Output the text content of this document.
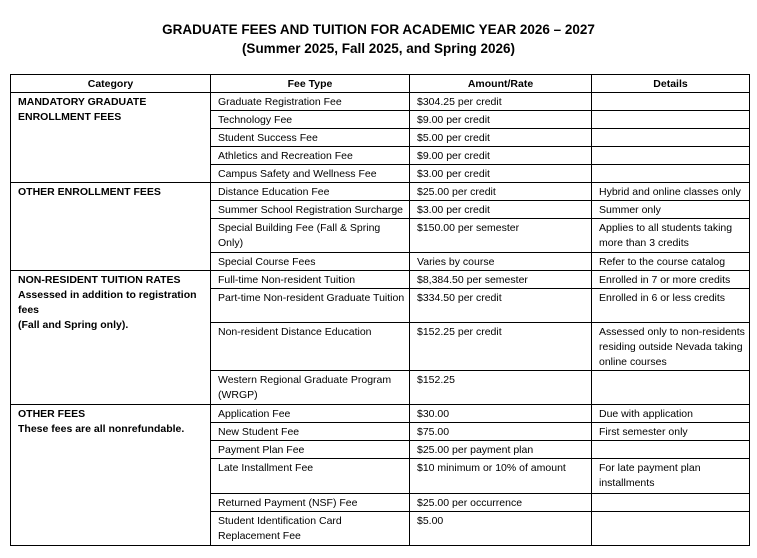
GRADUATE FEES AND TUITION FOR ACADEMIC YEAR 2026 – 2027
(Summer 2025, Fall 2025, and Spring 2026)
Category	Fee Type	Amount/Rate	Details

MANDATORY GRADUATE ENROLLMENT FEES	Graduate Registration Fee	$304.25 per credit	
	Technology Fee	$9.00 per credit	
	Student Success Fee	$5.00 per credit	
	Athletics and Recreation Fee	$9.00 per credit	
	Campus Safety and Wellness Fee	$3.00 per credit	

OTHER ENROLLMENT FEES	Distance Education Fee	$25.00 per credit	Hybrid and online classes only
	Summer School Registration Surcharge	$3.00 per credit	Summer only
	Special Building Fee (Fall & Spring Only)	$150.00 per semester	Applies to all students taking more than 3 credits
	Special Course Fees	Varies by course	Refer to the course catalog

NON-RESIDENT TUITION RATES
Assessed in addition to registration fees
(Fall and Spring only).	Full-time Non-resident Tuition	$8,384.50 per semester	Enrolled in 7 or more credits
	Part-time Non-resident Graduate Tuition	$334.50 per credit	Enrolled in 6 or less credits
	Non-resident Distance Education	$152.25 per credit	Assessed only to non-residents residing outside Nevada taking online courses
	Western Regional Graduate Program (WRGP)	$152.25	

OTHER FEES
These fees are all nonrefundable.	Application Fee	$30.00	Due with application
	New Student Fee	$75.00	First semester only
	Payment Plan Fee	$25.00 per payment plan	
	Late Installment Fee	$10 minimum or 10% of amount	For late payment plan installments
	Returned Payment (NSF) Fee	$25.00 per occurrence	
	Student Identification Card Replacement Fee	$5.00	
